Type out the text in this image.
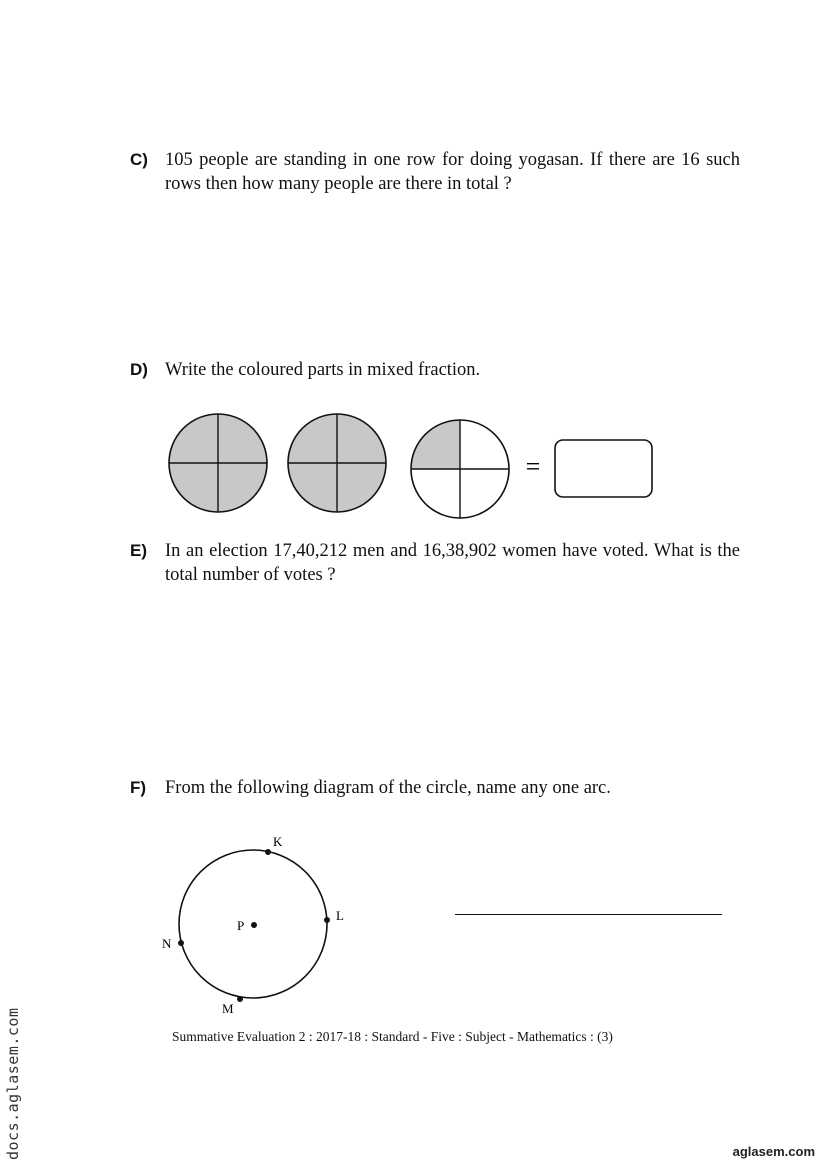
C) 105 people are standing in one row for doing yogasan. If there are 16 such rows then how many people are there in total ?
D) Write the coloured parts in mixed fraction.
=
E) In an election 17,40,212 men and 16,38,902 women have voted. What is the total number of votes ?
F) From the following diagram of the circle, name any one arc.
P
K
L
N
M
Summative Evaluation 2 : 2017-18 : Standard - Five : Subject - Mathematics : (3)
docs.aglasem.com	aglasem.com
